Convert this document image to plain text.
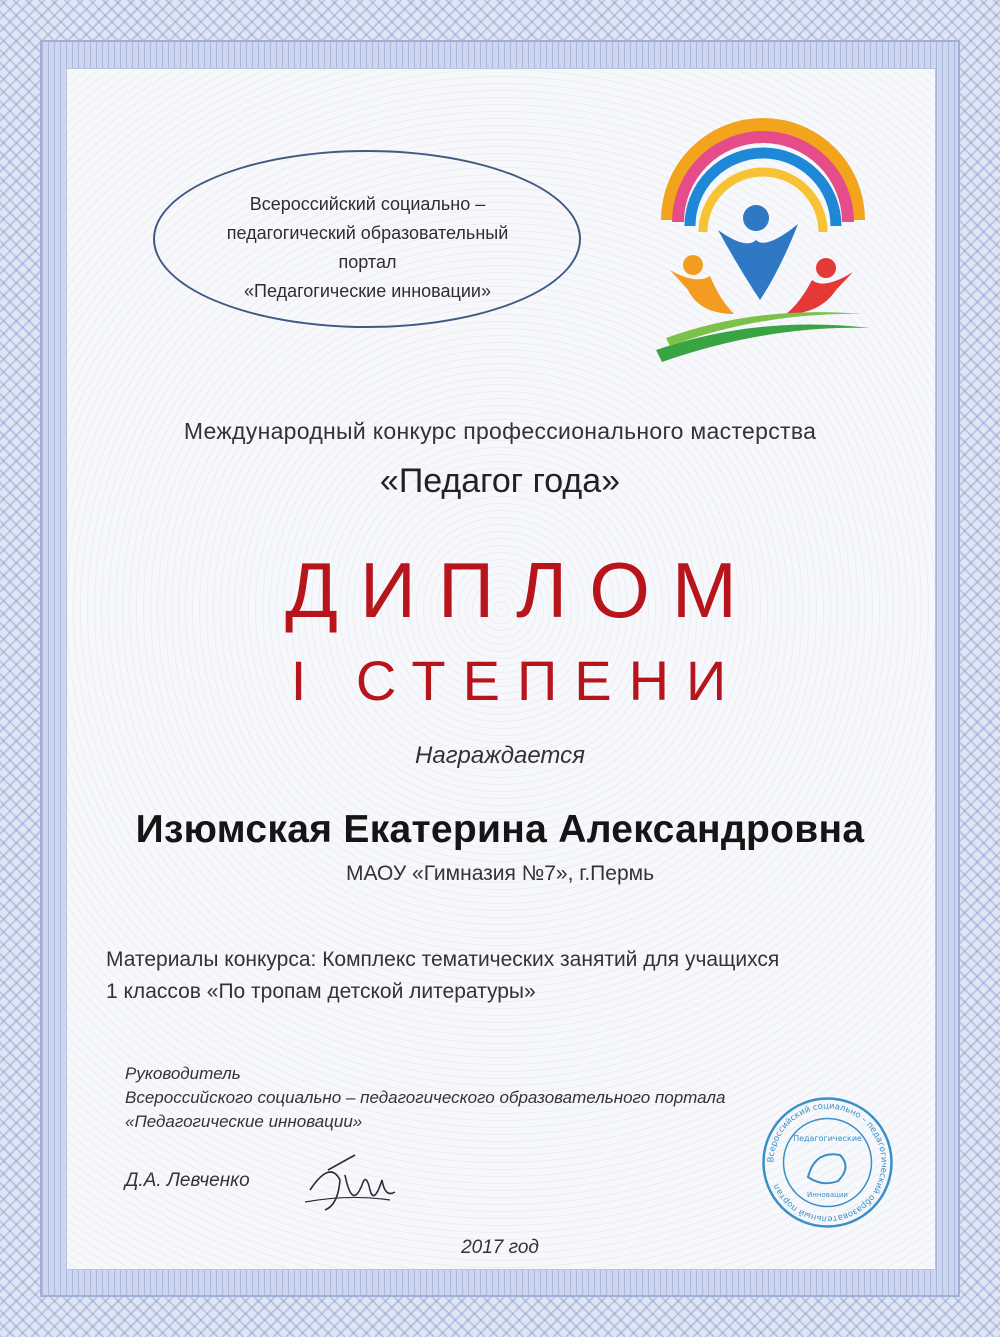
Всероссийский социально –
педагогический образовательный
портал
«Педагогические инновации»
Международный конкурс профессионального мастерства
«Педагог года»
ДИПЛОМ
I СТЕПЕНИ
Награждается
Изюмская Екатерина Александровна
МАОУ «Гимназия №7», г.Пермь
Материалы конкурса: Комплекс тематических занятий для учащихся
1 классов «По тропам детской литературы»
Руководитель
Всероссийского социально – педагогического образовательного портала
«Педагогические инновации»
Д.А. Левченко
Всероссийский социально – педагогический образовательный портал
Педагогические
Инновации
2017 год
